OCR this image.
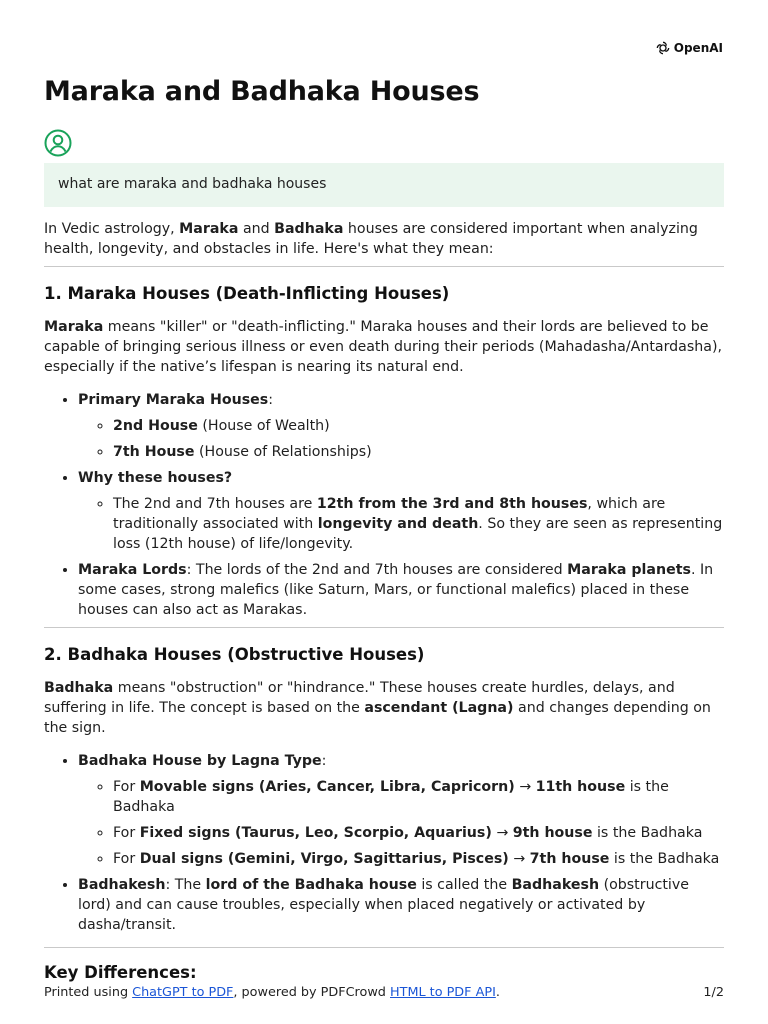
OpenAI
Maraka and Badhaka Houses
what are maraka and badhaka houses

In Vedic astrology, Maraka and Badhaka houses are considered important when analyzing health, longevity, and obstacles in life. Here's what they mean:

1. Maraka Houses (Death-Inflicting Houses)

Maraka means "killer" or "death-inflicting." Maraka houses and their lords are believed to be capable of bringing serious illness or even death during their periods (Mahadasha/Antardasha), especially if the native’s lifespan is nearing its natural end.

• Primary Maraka Houses:
◦ 2nd House (House of Wealth)
◦ 7th House (House of Relationships)
• Why these houses?
◦ The 2nd and 7th houses are 12th from the 3rd and 8th houses, which are traditionally associated with longevity and death. So they are seen as representing loss (12th house) of life/longevity.
• Maraka Lords: The lords of the 2nd and 7th houses are considered Maraka planets. In some cases, strong malefics (like Saturn, Mars, or functional malefics) placed in these houses can also act as Marakas.
2. Badhaka Houses (Obstructive Houses)

Badhaka means "obstruction" or "hindrance." These houses create hurdles, delays, and suffering in life. The concept is based on the ascendant (Lagna) and changes depending on the sign.

• Badhaka House by Lagna Type:
◦ For Movable signs (Aries, Cancer, Libra, Capricorn) → 11th house is the Badhaka
◦ For Fixed signs (Taurus, Leo, Scorpio, Aquarius) → 9th house is the Badhaka
◦ For Dual signs (Gemini, Virgo, Sagittarius, Pisces) → 7th house is the Badhaka
• Badhakesh: The lord of the Badhaka house is called the Badhakesh (obstructive lord) and can cause troubles, especially when placed negatively or activated by dasha/transit.
Key Differences:
Printed using ChatGPT to PDF, powered by PDFCrowd HTML to PDF API.	1/2
